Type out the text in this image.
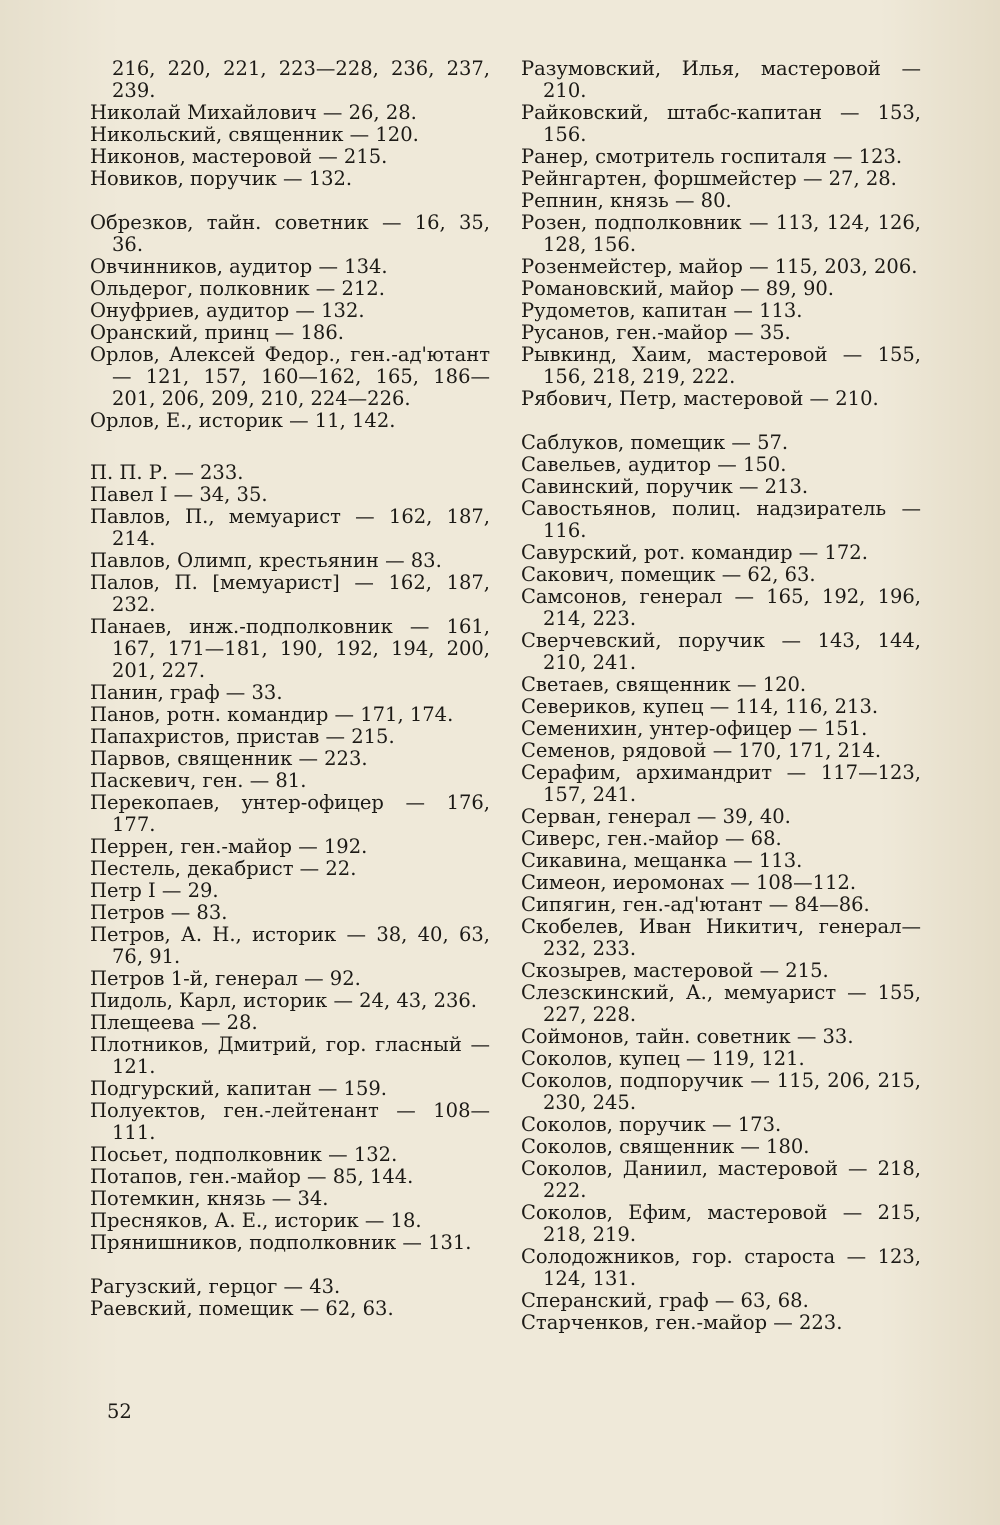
216, 220, 221, 223—228, 236, 237, 239.
Николай Михайлович — 26, 28.
Никольский, священник — 120.
Никонов, мастеровой — 215.
Новиков, поручик — 132.
Обрезков, тайн. советник — 16, 35, 36.
Овчинников, аудитор — 134.
Ольдерог, полковник — 212.
Онуфриев, аудитор — 132.
Оранский, принц — 186.
Орлов, Алексей Федор., ген.-ад'ютант — 121, 157, 160—162, 165, 186—201, 206, 209, 210, 224—226.
Орлов, Е., историк — 11, 142.
П. П. Р. — 233.
Павел I — 34, 35.
Павлов, П., мемуарист — 162, 187, 214.
Павлов, Олимп, крестьянин — 83.
Палов, П. [мемуарист] — 162, 187, 232.
Панаев, инж.-подполковник — 161, 167, 171—181, 190, 192, 194, 200, 201, 227.
Панин, граф — 33.
Панов, ротн. командир — 171, 174.
Папахристов, пристав — 215.
Парвов, священник — 223.
Паскевич, ген. — 81.
Перекопаев, унтер-офицер — 176, 177.
Перрен, ген.-майор — 192.
Пестель, декабрист — 22.
Петр I — 29.
Петров — 83.
Петров, А. Н., историк — 38, 40, 63, 76, 91.
Петров 1-й, генерал — 92.
Пидоль, Карл, историк — 24, 43, 236.
Плещеева — 28.
Плотников, Дмитрий, гор. гласный — 121.
Подгурский, капитан — 159.
Полуектов, ген.-лейтенант — 108—111.
Посьет, подполковник — 132.
Потапов, ген.-майор — 85, 144.
Потемкин, князь — 34.
Пресняков, А. Е., историк — 18.
Прянишников, подполковник — 131.
Рагузский, герцог — 43.
Раевский, помещик — 62, 63.
Разумовский, Илья, мастеровой — 210.
Райковский, штабс-капитан — 153, 156.
Ранер, смотритель госпиталя — 123.
Рейнгартен, форшмейстер — 27, 28.
Репнин, князь — 80.
Розен, подполковник — 113, 124, 126, 128, 156.
Розенмейстер, майор — 115, 203, 206.
Романовский, майор — 89, 90.
Рудометов, капитан — 113.
Русанов, ген.-майор — 35.
Рывкинд, Хаим, мастеровой — 155, 156, 218, 219, 222.
Рябович, Петр, мастеровой — 210.
Саблуков, помещик — 57.
Савельев, аудитор — 150.
Савинский, поручик — 213.
Савостьянов, полиц. надзиратель — 116.
Савурский, рот. командир — 172.
Сакович, помещик — 62, 63.
Самсонов, генерал — 165, 192, 196, 214, 223.
Сверчевский, поручик — 143, 144, 210, 241.
Светаев, священник — 120.
Севериков, купец — 114, 116, 213.
Семенихин, унтер-офицер — 151.
Семенов, рядовой — 170, 171, 214.
Серафим, архимандрит — 117—123, 157, 241.
Серван, генерал — 39, 40.
Сиверс, ген.-майор — 68.
Сикавина, мещанка — 113.
Симеон, иеромонах — 108—112.
Сипягин, ген.-ад'ютант — 84—86.
Скобелев, Иван Никитич, генерал—232, 233.
Скозырев, мастеровой — 215.
Слезскинский, А., мемуарист — 155, 227, 228.
Соймонов, тайн. советник — 33.
Соколов, купец — 119, 121.
Соколов, подпоручик — 115, 206, 215, 230, 245.
Соколов, поручик — 173.
Соколов, священник — 180.
Соколов, Даниил, мастеровой — 218, 222.
Соколов, Ефим, мастеровой — 215, 218, 219.
Солодожников, гор. староста — 123, 124, 131.
Сперанский, граф — 63, 68.
Старченков, ген.-майор — 223.
52
